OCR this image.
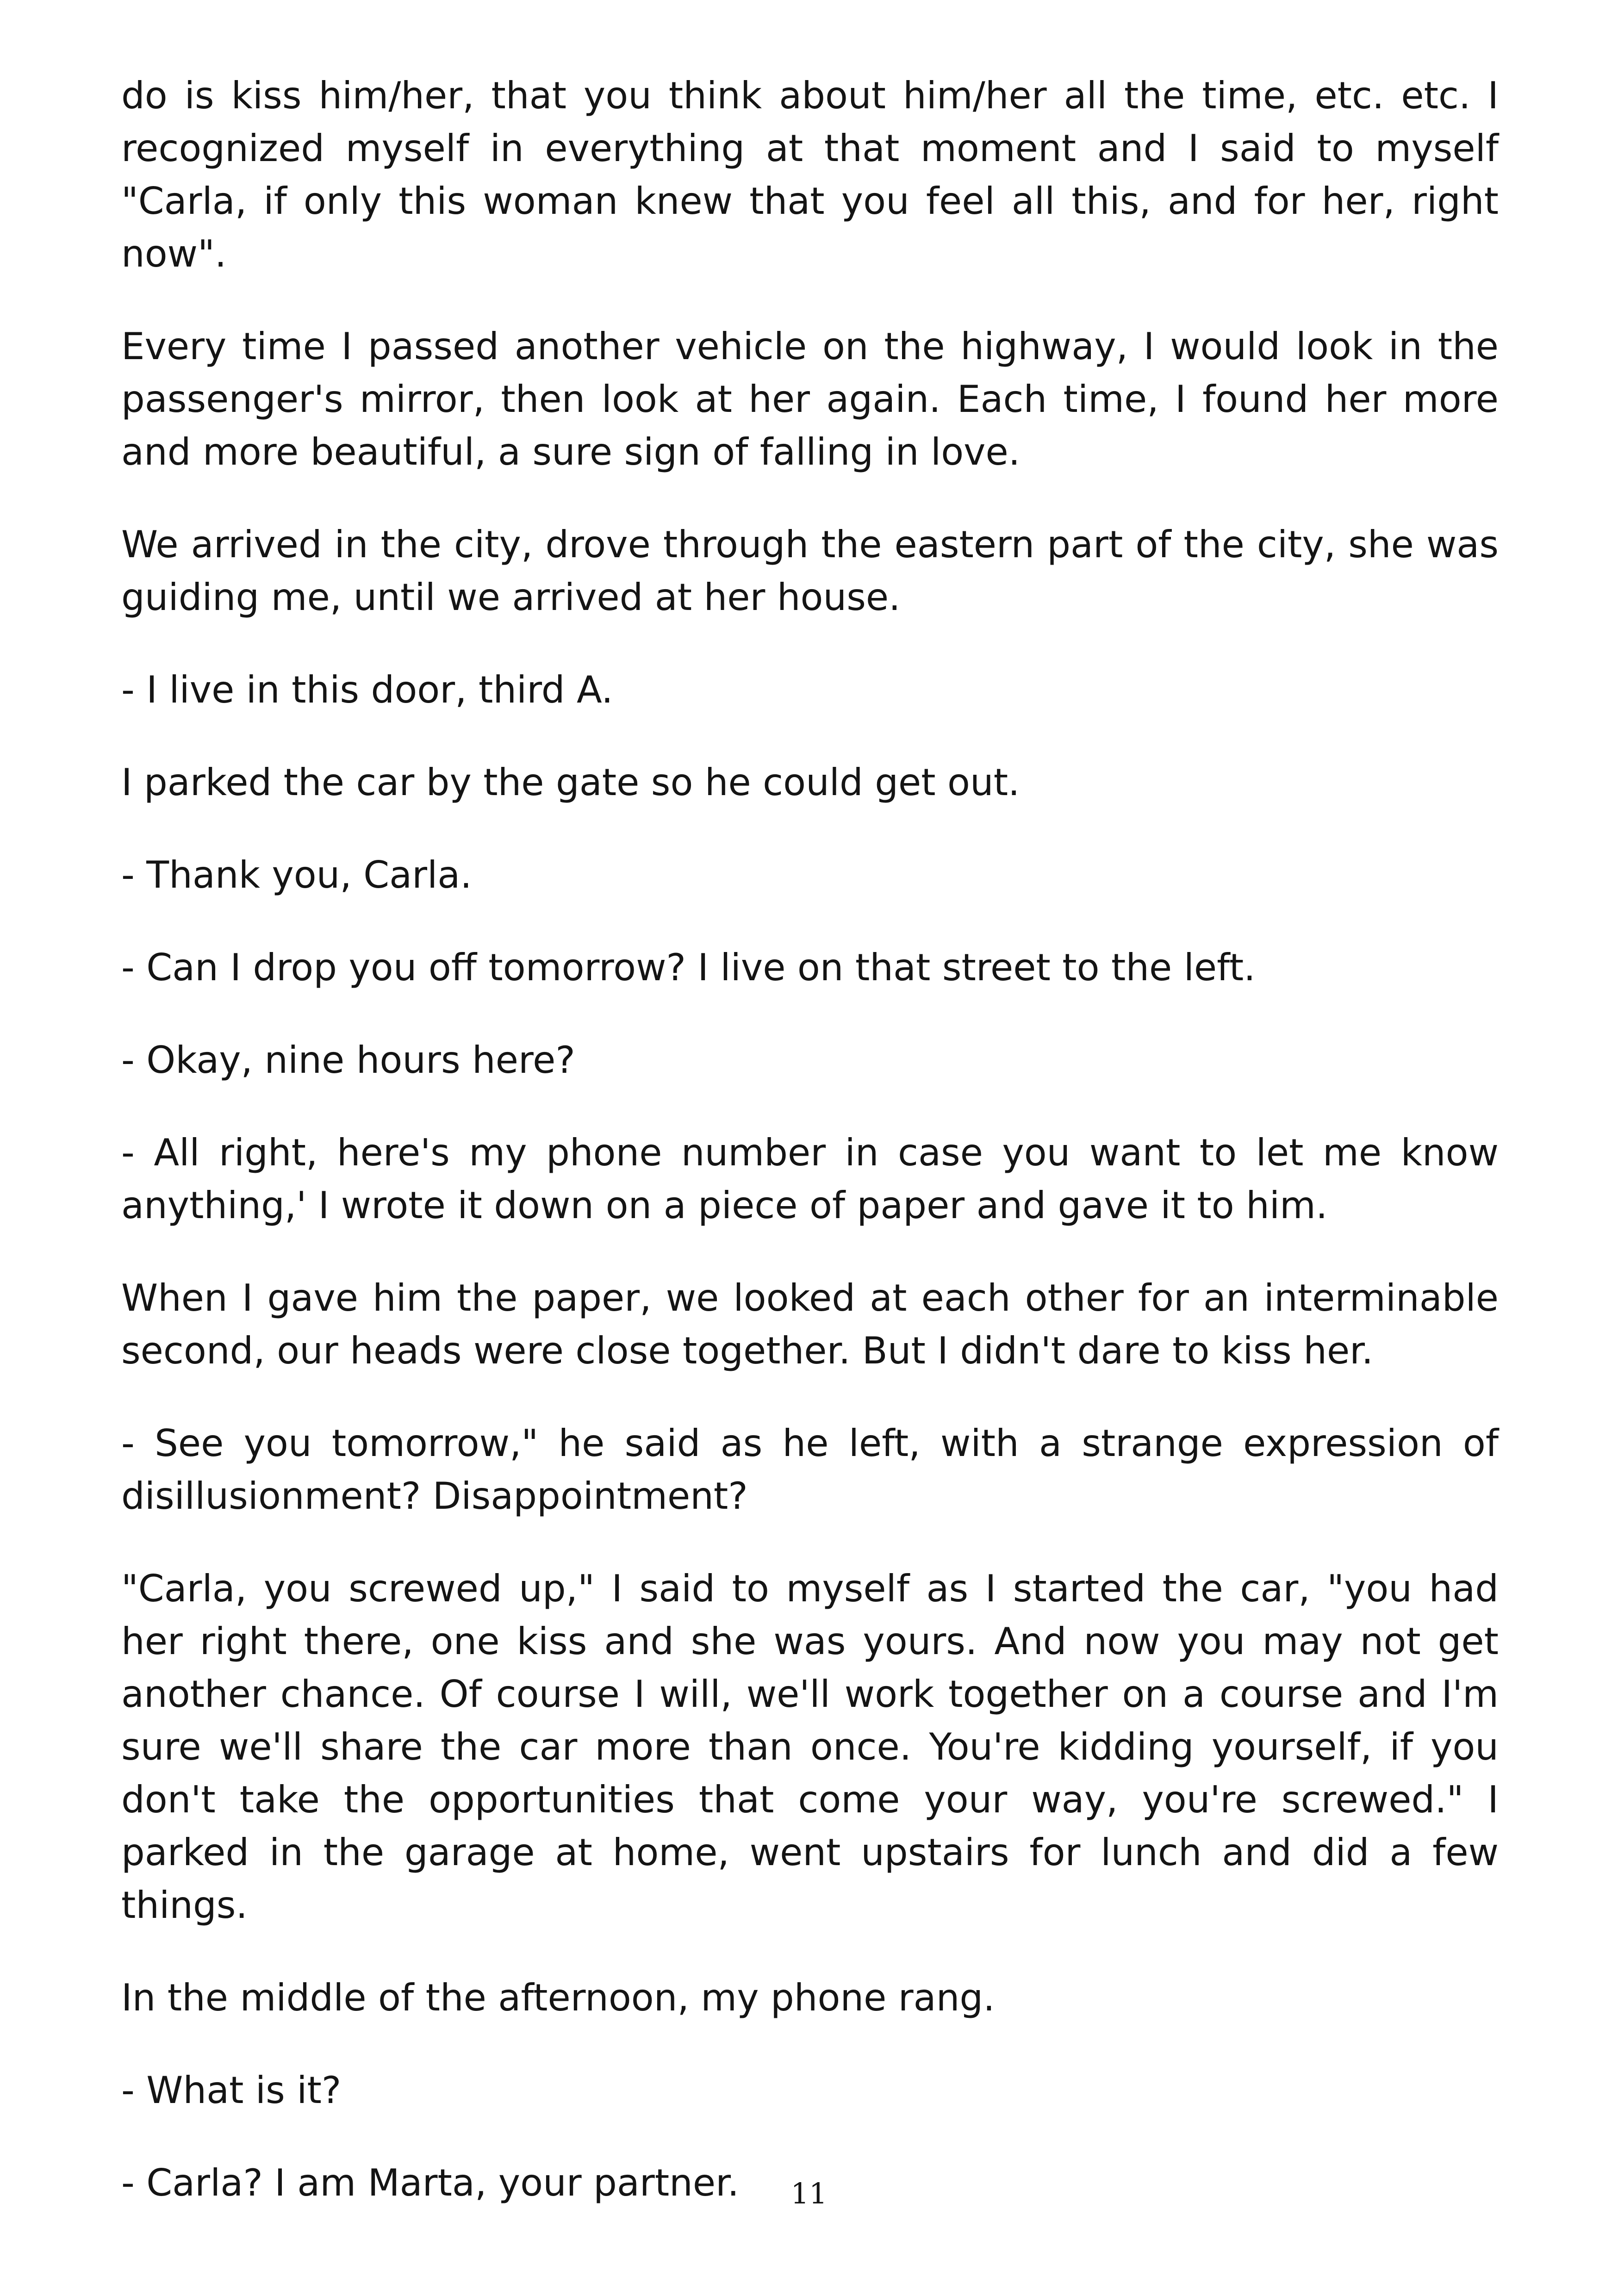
do is kiss him/her, that you think about him/her all the time, etc. etc. I recognized myself in everything at that moment and I said to myself "Carla, if only this woman knew that you feel all this, and for her, right now".

Every time I passed another vehicle on the highway, I would look in the passenger's mirror, then look at her again. Each time, I found her more and more beautiful, a sure sign of falling in love.

We arrived in the city, drove through the eastern part of the city, she was guiding me, until we arrived at her house.

- I live in this door, third A.

I parked the car by the gate so he could get out.

- Thank you, Carla.

- Can I drop you off tomorrow? I live on that street to the left.

- Okay, nine hours here?

- All right, here's my phone number in case you want to let me know anything,' I wrote it down on a piece of paper and gave it to him.

When I gave him the paper, we looked at each other for an interminable second, our heads were close together. But I didn't dare to kiss her.

- See you tomorrow," he said as he left, with a strange expression of disillusionment? Disappointment?

"Carla, you screwed up," I said to myself as I started the car, "you had her right there, one kiss and she was yours. And now you may not get another chance. Of course I will, we'll work together on a course and I'm sure we'll share the car more than once. You're kidding yourself, if you don't take the opportunities that come your way, you're screwed." I parked in the garage at home, went upstairs for lunch and did a few things.

In the middle of the afternoon, my phone rang.

- What is it?

- Carla? I am Marta, your partner.	11
